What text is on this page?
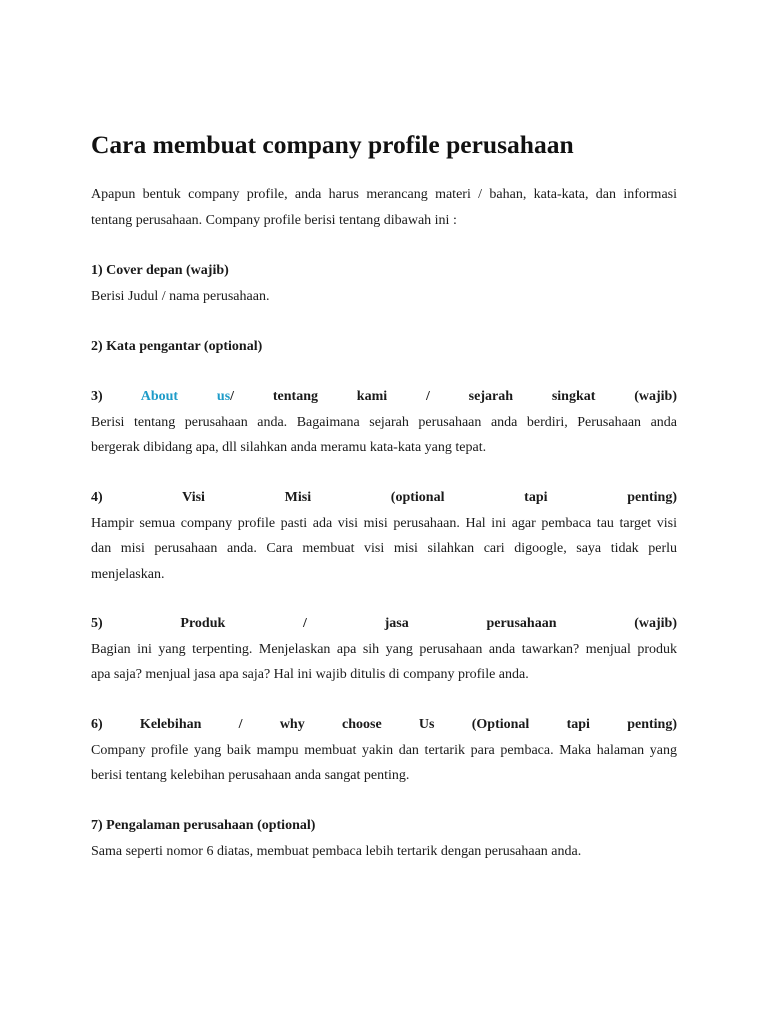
Cara membuat company profile perusahaan
Apapun bentuk company profile, anda harus merancang materi / bahan, kata-kata, dan informasi
tentang perusahaan. Company profile berisi tentang dibawah ini :
1) Cover depan (wajib)
Berisi Judul / nama perusahaan.
2) Kata pengantar (optional)
3)	About	us/ tentang kami / sejarah singkat (wajib)
Berisi tentang perusahaan anda. Bagaimana sejarah perusahaan anda berdiri, Perusahaan anda
bergerak dibidang apa, dll silahkan anda meramu kata-kata yang tepat.
4) Visi Misi (optional tapi penting)
Hampir semua company profile pasti ada visi misi perusahaan. Hal ini agar pembaca tau target visi
dan misi perusahaan anda. Cara membuat visi misi silahkan cari digoogle, saya tidak perlu
menjelaskan.
5) Produk / jasa perusahaan (wajib)
Bagian ini yang terpenting. Menjelaskan apa sih yang perusahaan anda tawarkan? menjual produk
apa saja? menjual jasa apa saja? Hal ini wajib ditulis di company profile anda.
6) Kelebihan / why choose Us (Optional tapi penting)
Company profile yang baik mampu membuat yakin dan tertarik para pembaca. Maka halaman yang
berisi tentang kelebihan perusahaan anda sangat penting.
7) Pengalaman perusahaan (optional)
Sama seperti nomor 6 diatas, membuat pembaca lebih tertarik dengan perusahaan anda.
